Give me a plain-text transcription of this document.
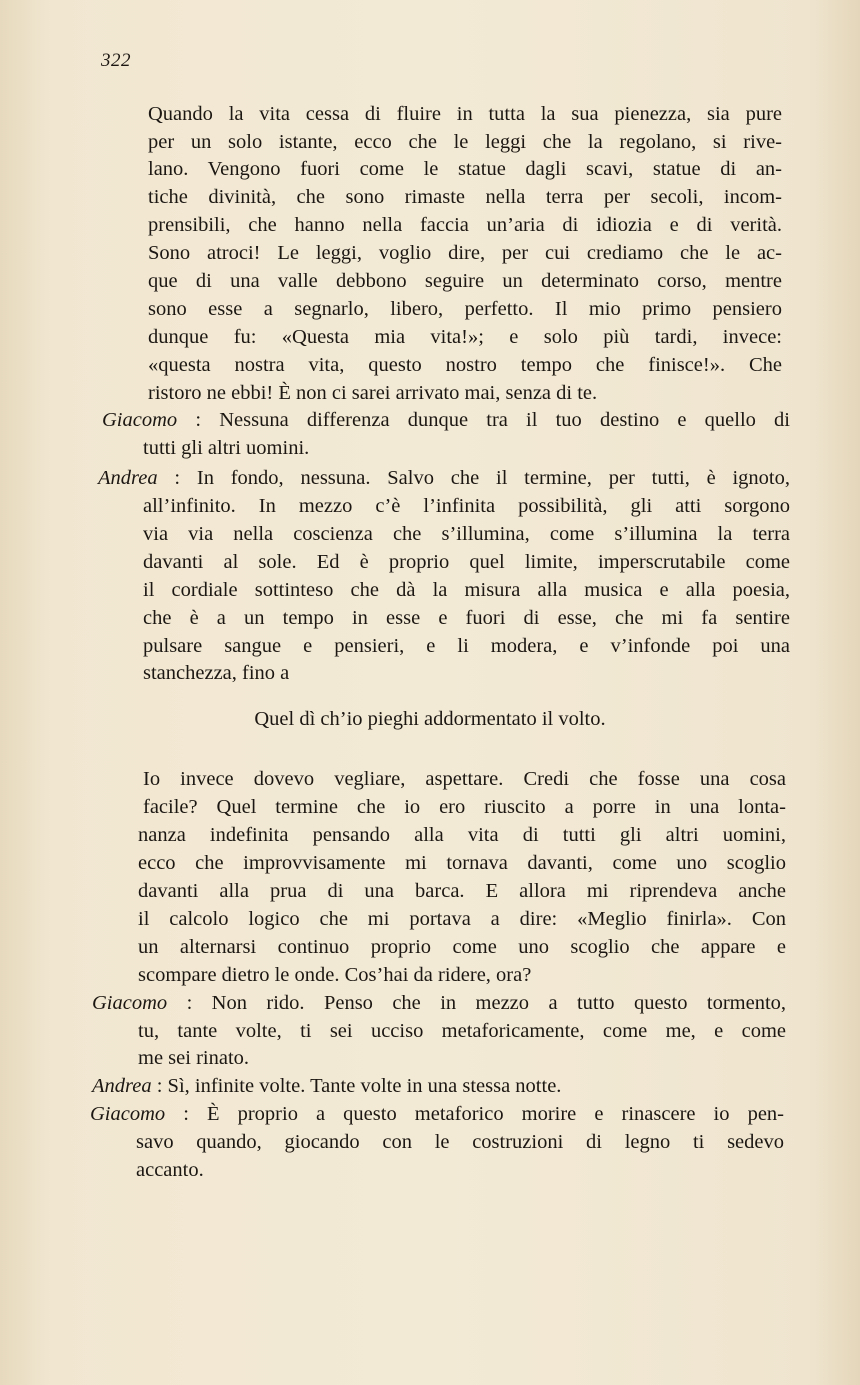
322
Quando la vita cessa di fluire in tutta la sua pienezza, sia pure
per un solo istante, ecco che le leggi che la regolano, si rive-
lano. Vengono fuori come le statue dagli scavi, statue di an-
tiche divinità, che sono rimaste nella terra per secoli, incom-
prensibili, che hanno nella faccia un’aria di idiozia e di verità.
Sono atroci! Le leggi, voglio dire, per cui crediamo che le ac-
que di una valle debbono seguire un determinato corso, mentre
sono esse a segnarlo, libero, perfetto. Il mio primo pensiero
dunque fu: «Questa mia vita!»; e solo più tardi, invece:
«questa nostra vita, questo nostro tempo che finisce!». Che
ristoro ne ebbi! È non ci sarei arrivato mai, senza di te.
Giacomo : Nessuna differenza dunque tra il tuo destino e quello di
tutti gli altri uomini.
Andrea : In fondo, nessuna. Salvo che il termine, per tutti, è ignoto,
all’infinito. In mezzo c’è l’infinita possibilità, gli atti sorgono
via via nella coscienza che s’illumina, come s’illumina la terra
davanti al sole. Ed è proprio quel limite, imperscrutabile come
il cordiale sottinteso che dà la misura alla musica e alla poesia,
che è a un tempo in esse e fuori di esse, che mi fa sentire
pulsare sangue e pensieri, e li modera, e v’infonde poi una
stanchezza, fino a
Quel dì ch’io pieghi addormentato il volto.
Io invece dovevo vegliare, aspettare. Credi che fosse una cosa
facile? Quel termine che io ero riuscito a porre in una lonta-
nanza indefinita pensando alla vita di tutti gli altri uomini,
ecco che improvvisamente mi tornava davanti, come uno scoglio
davanti alla prua di una barca. E allora mi riprendeva anche
il calcolo logico che mi portava a dire: «Meglio finirla». Con
un alternarsi continuo proprio come uno scoglio che appare e
scompare dietro le onde. Cos’hai da ridere, ora?
Giacomo : Non rido. Penso che in mezzo a tutto questo tormento,
tu, tante volte, ti sei ucciso metaforicamente, come me, e come
me sei rinato.
Andrea : Sì, infinite volte. Tante volte in una stessa notte.
Giacomo : È proprio a questo metaforico morire e rinascere io pen-
savo quando, giocando con le costruzioni di legno ti sedevo
accanto.
